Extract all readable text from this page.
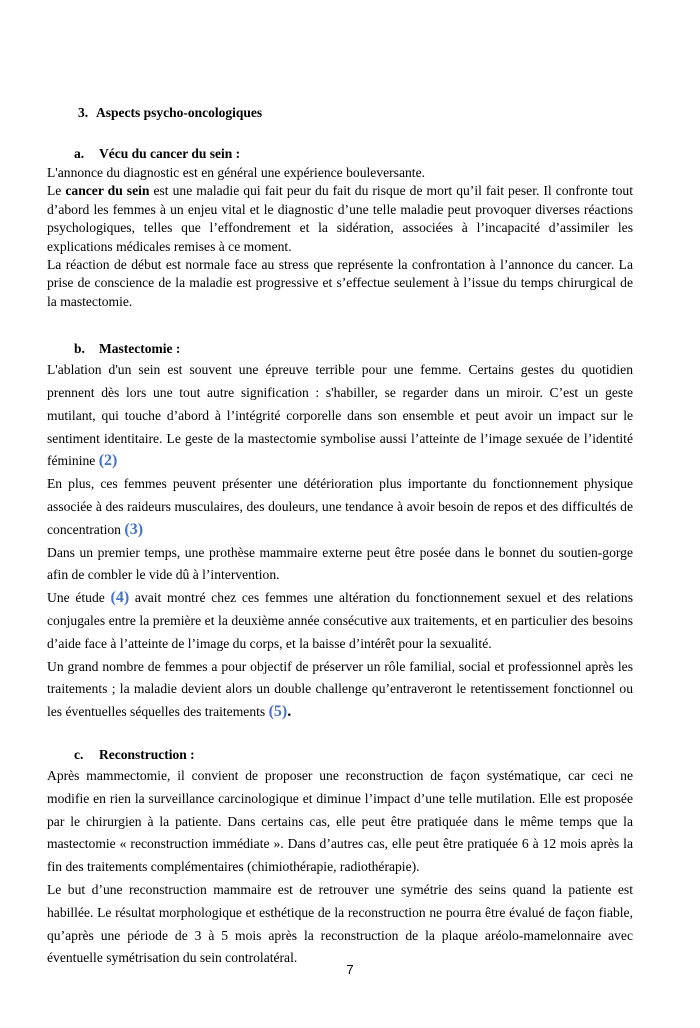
3. Aspects psycho-oncologiques
a. Vécu du cancer du sein :

L'annonce du diagnostic est en général une expérience bouleversante.

Le cancer du sein est une maladie qui fait peur du fait du risque de mort qu’il fait peser. Il confronte tout d’abord les femmes à un enjeu vital et le diagnostic d’une telle maladie peut provoquer diverses réactions psychologiques, telles que l’effondrement et la sidération, associées à l’incapacité d’assimiler les explications médicales remises à ce moment.

La réaction de début est normale face au stress que représente la confrontation à l’annonce du cancer. La prise de conscience de la maladie est progressive et s’effectue seulement à l’issue du temps chirurgical de la mastectomie.

b. Mastectomie :

L'ablation d'un sein est souvent une épreuve terrible pour une femme. Certains gestes du quotidien prennent dès lors une tout autre signification : s'habiller, se regarder dans un miroir. C’est un geste mutilant, qui touche d’abord à l’intégrité corporelle dans son ensemble et peut avoir un impact sur le sentiment identitaire. Le geste de la mastectomie symbolise aussi l’atteinte de l’image sexuée de l’identité féminine (2)

En plus, ces femmes peuvent présenter une détérioration plus importante du fonctionnement physique associée à des raideurs musculaires, des douleurs, une tendance à avoir besoin de repos et des difficultés de concentration (3)

Dans un premier temps, une prothèse mammaire externe peut être posée dans le bonnet du soutien-gorge afin de combler le vide dû à l’intervention.

Une étude (4) avait montré chez ces femmes une altération du fonctionnement sexuel et des relations conjugales entre la première et la deuxième année consécutive aux traitements, et en particulier des besoins d’aide face à l’atteinte de l’image du corps, et la baisse d’intérêt pour la sexualité.

Un grand nombre de femmes a pour objectif de préserver un rôle familial, social et professionnel après les traitements ; la maladie devient alors un double challenge qu’entraveront le retentissement fonctionnel ou les éventuelles séquelles des traitements (5).

c. Reconstruction :

Après mammectomie, il convient de proposer une reconstruction de façon systématique, car ceci ne modifie en rien la surveillance carcinologique et diminue l’impact d’une telle mutilation. Elle est proposée par le chirurgien à la patiente. Dans certains cas, elle peut être pratiquée dans le même temps que la mastectomie « reconstruction immédiate ». Dans d’autres cas, elle peut être pratiquée 6 à 12 mois après la fin des traitements complémentaires (chimiothérapie, radiothérapie).

Le but d’une reconstruction mammaire est de retrouver une symétrie des seins quand la patiente est habillée. Le résultat morphologique et esthétique de la reconstruction ne pourra être évalué de façon fiable, qu’après une période de 3 à 5 mois après la reconstruction de la plaque aréolo-mamelonnaire avec éventuelle symétrisation du sein controlatéral.

7
